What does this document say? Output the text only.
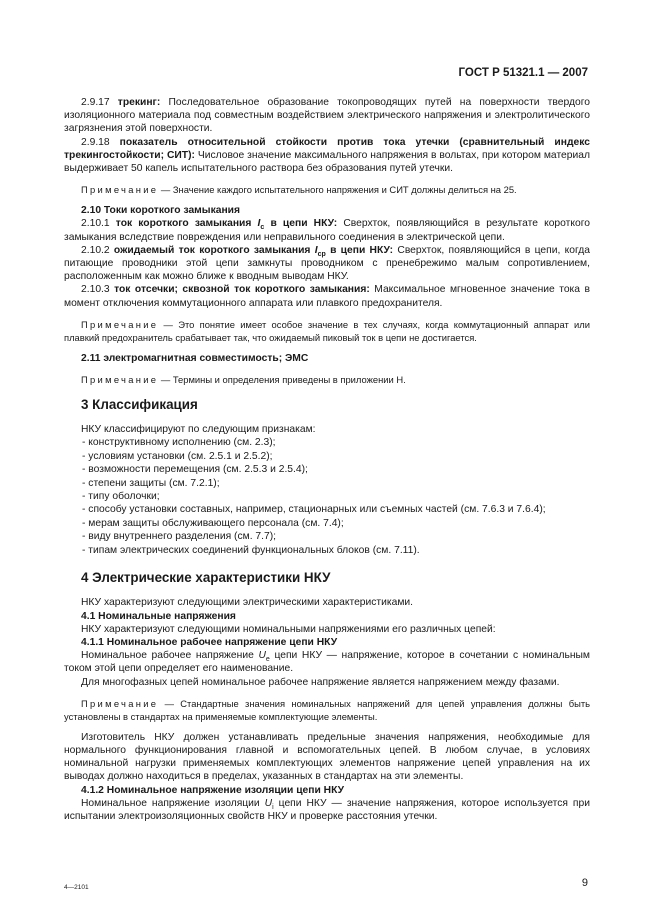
ГОСТ Р 51321.1 — 2007

2.9.17 трекинг: Последовательное образование токопроводящих путей на поверхности твердого изоляционного материала под совместным воздействием электрического напряжения и электролитического загрязнения этой поверхности.

2.9.18 показатель относительной стойкости против тока утечки (сравнительный индекс трекингостойкости; СИТ): Числовое значение максимального напряжения в вольтах, при котором материал выдерживает 50 капель испытательного раствора без образования путей утечки.

Примечание — Значение каждого испытательного напряжения и СИТ должны делиться на 25.

2.10 Токи короткого замыкания

2.10.1 ток короткого замыкания $I_c$ в цепи НКУ: Сверхток, появляющийся в результате короткого замыкания вследствие повреждения или неправильного соединения в электрической цепи.

2.10.2 ожидаемый ток короткого замыкания $I_{cp}$ в цепи НКУ: Сверхток, появляющийся в цепи, когда питающие проводники этой цепи замкнуты проводником с пренебрежимо малым сопротивлением, расположенным как можно ближе к вводным выводам НКУ.

2.10.3 ток отсечки; сквозной ток короткого замыкания: Максимальное мгновенное значение тока в момент отключения коммутационного аппарата или плавкого предохранителя.

Примечание — Это понятие имеет особое значение в тех случаях, когда коммутационный аппарат или плавкий предохранитель срабатывает так, что ожидаемый пиковый ток в цепи не достигается.

2.11 электромагнитная совместимость; ЭМС

Примечание — Термины и определения приведены в приложении Н.

3 Классификация

НКУ классифицируют по следующим признакам:

- конструктивному исполнению (см. 2.3);
- условиям установки (см. 2.5.1 и 2.5.2);
- возможности перемещения (см. 2.5.3 и 2.5.4);
- степени защиты (см. 7.2.1);
- типу оболочки;
- способу установки составных, например, стационарных или съемных частей (см. 7.6.3 и 7.6.4);
- мерам защиты обслуживающего персонала (см. 7.4);
- виду внутреннего разделения (см. 7.7);
- типам электрических соединений функциональных блоков (см. 7.11).
4 Электрические характеристики НКУ

НКУ характеризуют следующими электрическими характеристиками.

4.1 Номинальные напряжения

НКУ характеризуют следующими номинальными напряжениями его различных цепей:

4.1.1 Номинальное рабочее напряжение цепи НКУ

Номинальное рабочее напряжение $U_e$ цепи НКУ — напряжение, которое в сочетании с номинальным током этой цепи определяет его наименование.

Для многофазных цепей номинальное рабочее напряжение является напряжением между фазами.

Примечание — Стандартные значения номинальных напряжений для цепей управления должны быть установлены в стандартах на применяемые комплектующие элементы.

Изготовитель НКУ должен устанавливать предельные значения напряжения, необходимые для нормального функционирования главной и вспомогательных цепей. В любом случае, в условиях номинальной нагрузки применяемых комплектующих элементов напряжение цепей управления на их выводах должно находиться в пределах, указанных в стандартах на эти элементы.

4.1.2 Номинальное напряжение изоляции цепи НКУ

Номинальное напряжение изоляции $U_i$ цепи НКУ — значение напряжения, которое используется при испытании электроизоляционных свойств НКУ и проверке расстояния утечки.

4—2101	9
